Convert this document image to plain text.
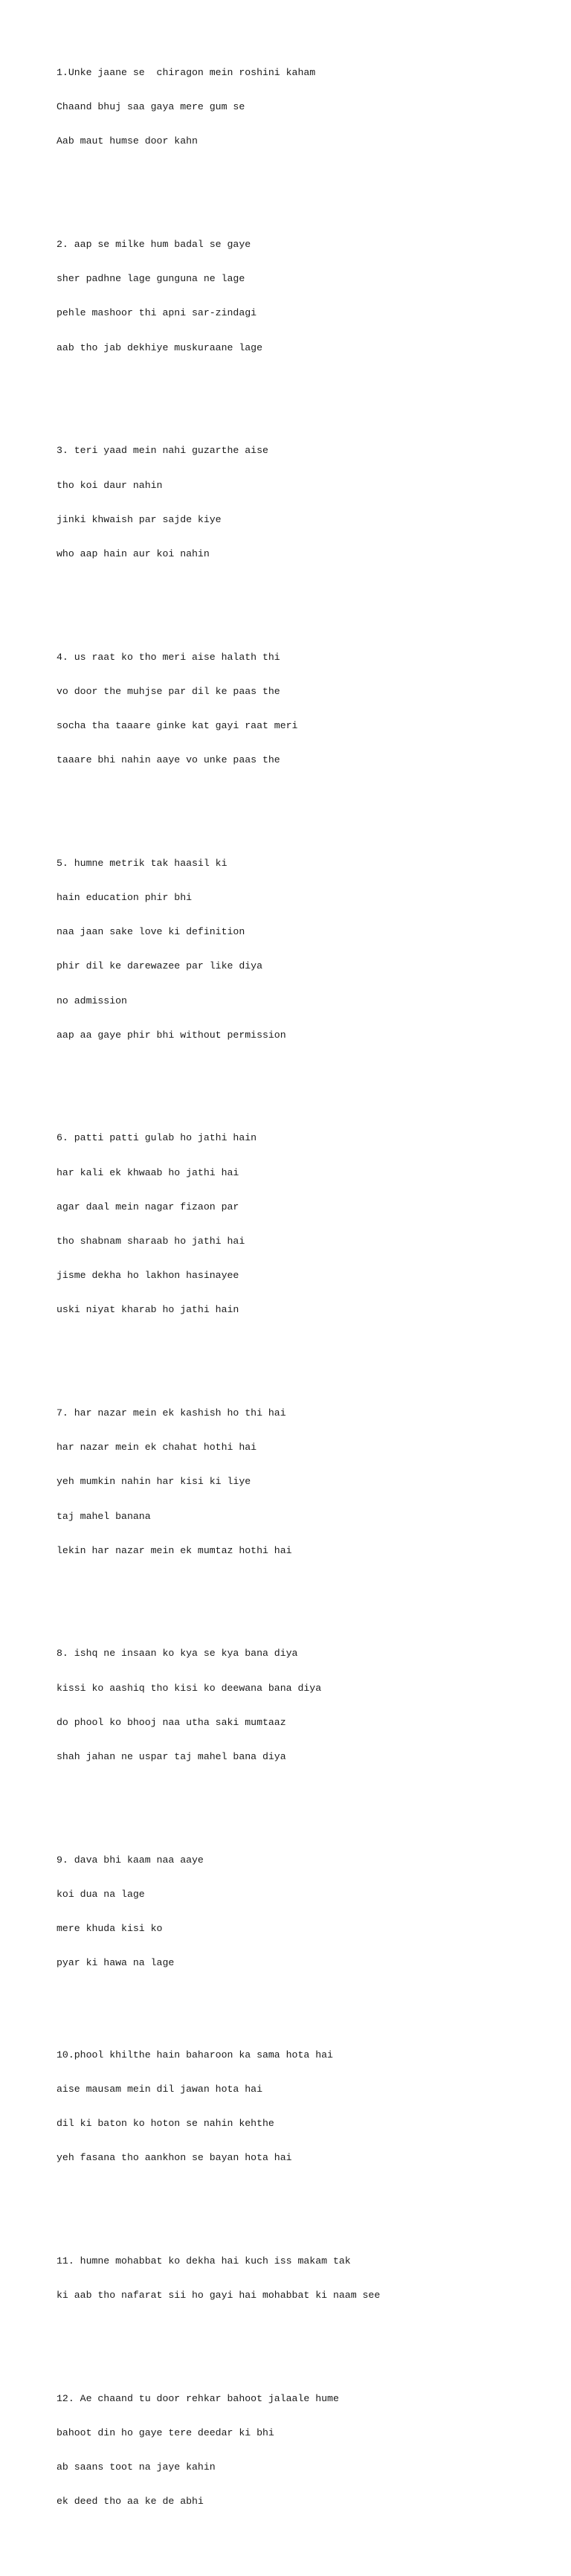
1.Unke jaane se  chiragon mein roshini kaham

Chaand bhuj saa gaya mere gum se

Aab maut humse door kahn

2. aap se milke hum badal se gaye

sher padhne lage gunguna ne lage

pehle mashoor thi apni sar-zindagi

aab tho jab dekhiye muskuraane lage

3. teri yaad mein nahi guzarthe aise

tho koi daur nahin

jinki khwaish par sajde kiye

who aap hain aur koi nahin

4. us raat ko tho meri aise halath thi

vo door the muhjse par dil ke paas the

socha tha taaare ginke kat gayi raat meri

taaare bhi nahin aaye vo unke paas the

5. humne metrik tak haasil ki

hain education phir bhi

naa jaan sake love ki definition

phir dil ke darewazee par like diya

no admission

aap aa gaye phir bhi without permission

6. patti patti gulab ho jathi hain

har kali ek khwaab ho jathi hai

agar daal mein nagar fizaon par

tho shabnam sharaab ho jathi hai

jisme dekha ho lakhon hasinayee

uski niyat kharab ho jathi hain

7. har nazar mein ek kashish ho thi hai

har nazar mein ek chahat hothi hai

yeh mumkin nahin har kisi ki liye

taj mahel banana

lekin har nazar mein ek mumtaz hothi hai

8. ishq ne insaan ko kya se kya bana diya

kissi ko aashiq tho kisi ko deewana bana diya

do phool ko bhooj naa utha saki mumtaaz

shah jahan ne uspar taj mahel bana diya

9. dava bhi kaam naa aaye

koi dua na lage

mere khuda kisi ko

pyar ki hawa na lage

10.phool khilthe hain baharoon ka sama hota hai

aise mausam mein dil jawan hota hai

dil ki baton ko hoton se nahin kehthe

yeh fasana tho aankhon se bayan hota hai

11. humne mohabbat ko dekha hai kuch iss makam tak

ki aab tho nafarat sii ho gayi hai mohabbat ki naam see

12. Ae chaand tu door rehkar bahoot jalaale hume

bahoot din ho gaye tere deedar ki bhi

ab saans toot na jaye kahin

ek deed tho aa ke de abhi
